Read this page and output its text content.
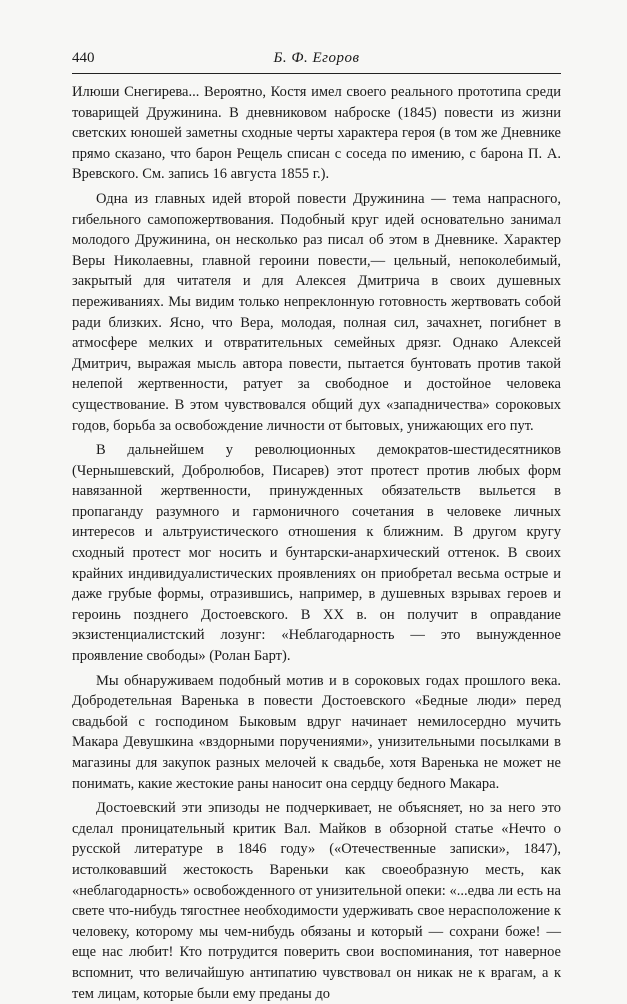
440	Б. Ф. Егоров

Илюши Снегирева... Вероятно, Костя имел своего реального прототипа среди товарищей Дружинина. В дневниковом наброске (1845) повести из жизни светских юношей заметны сходные черты характера героя (в том же Дневнике прямо сказано, что барон Рещель списан с соседа по имению, с барона П. А. Вревского. См. запись 16 августа 1855 г.).

Одна из главных идей второй повести Дружинина — тема напрасного, гибельного самопожертвования. Подобный круг идей основательно занимал молодого Дружинина, он несколько раз писал об этом в Дневнике. Характер Веры Николаевны, главной героини повести,— цельный, непоколебимый, закрытый для читателя и для Алексея Дмитрича в своих душевных переживаниях. Мы видим только непреклонную готовность жертвовать собой ради близких. Ясно, что Вера, молодая, полная сил, зачахнет, погибнет в атмосфере мелких и отвратительных семейных дрязг. Однако Алексей Дмитрич, выражая мысль автора повести, пытается бунтовать против такой нелепой жертвенности, ратует за свободное и достойное человека существование. В этом чувствовался общий дух «западничества» сороковых годов, борьба за освобождение личности от бытовых, унижающих его пут.

В дальнейшем у революционных демократов-шестидесятников (Чернышевский, Добролюбов, Писарев) этот протест против любых форм навязанной жертвенности, принужденных обязательств выльется в пропаганду разумного и гармоничного сочетания в человеке личных интересов и альтруистического отношения к ближним. В другом кругу сходный протест мог носить и бунтарски-анархический оттенок. В своих крайних индивидуалистических проявлениях он приобретал весьма острые и даже грубые формы, отразившись, например, в душевных взрывах героев и героинь позднего Достоевского. В XX в. он получит в оправдание экзистенциалистский лозунг: «Неблагодарность — это вынужденное проявление свободы» (Ролан Барт).

Мы обнаруживаем подобный мотив и в сороковых годах прошлого века. Добродетельная Варенька в повести Достоевского «Бедные люди» перед свадьбой с господином Быковым вдруг начинает немилосердно мучить Макара Девушкина «вздорными поручениями», унизительными посылками в магазины для закупок разных мелочей к свадьбе, хотя Варенька не может не понимать, какие жестокие раны наносит она сердцу бедного Макара.

Достоевский эти эпизоды не подчеркивает, не объясняет, но за него это сделал проницательный критик Вал. Майков в обзорной статье «Нечто о русской литературе в 1846 году» («Отечественные записки», 1847), истолковавший жестокость Вареньки как своеобразную месть, как «неблагодарность» освобожденного от унизительной опеки: «...едва ли есть на свете что-нибудь тягостнее необходимости удерживать свое нерасположение к человеку, которому мы чем-нибудь обязаны и который — сохрани боже! — еще нас любит! Кто потрудится поверить свои воспоминания, тот наверное вспомнит, что величайшую антипатию чувствовал он никак не к врагам, а к тем лицам, которые были ему преданы до
